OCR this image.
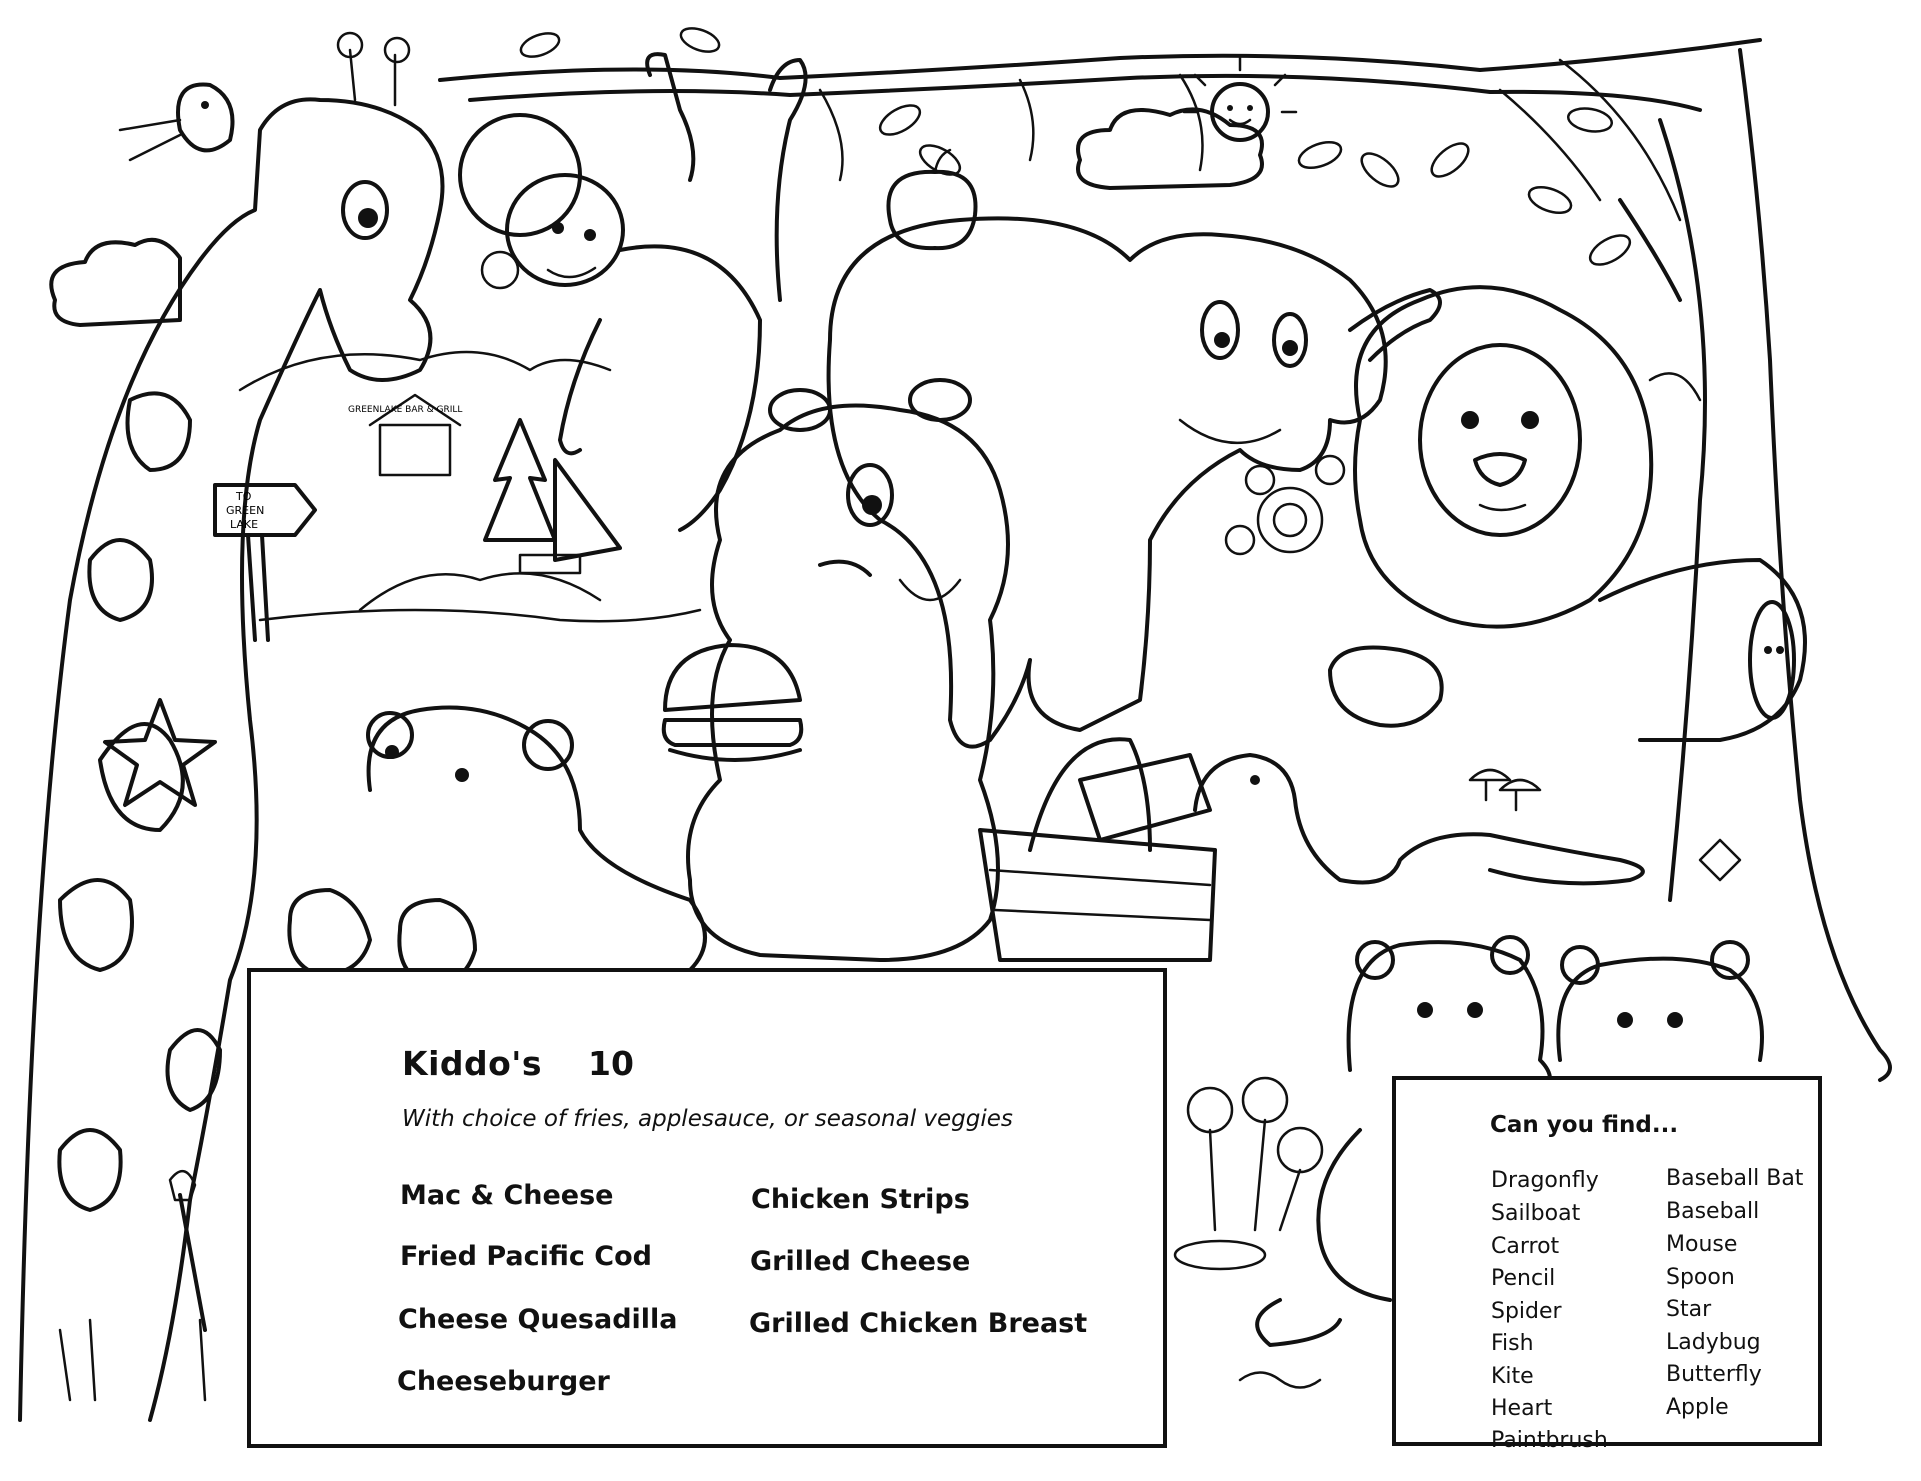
TO
GREEN
LAKE
GREENLAKE BAR & GRILL
Kiddo's 10
With choice of fries, applesauce, or seasonal veggies
Mac & Cheese
Fried Pacific Cod
Cheese Quesadilla
Cheeseburger
Chicken Strips
Grilled Cheese
Grilled Chicken Breast
Can you find...
Dragonfly
Sailboat
Carrot
Pencil
Spider
Fish
Kite
Heart
Paintbrush
Baseball Bat
Baseball
Mouse
Spoon
Star
Ladybug
Butterfly
Apple
